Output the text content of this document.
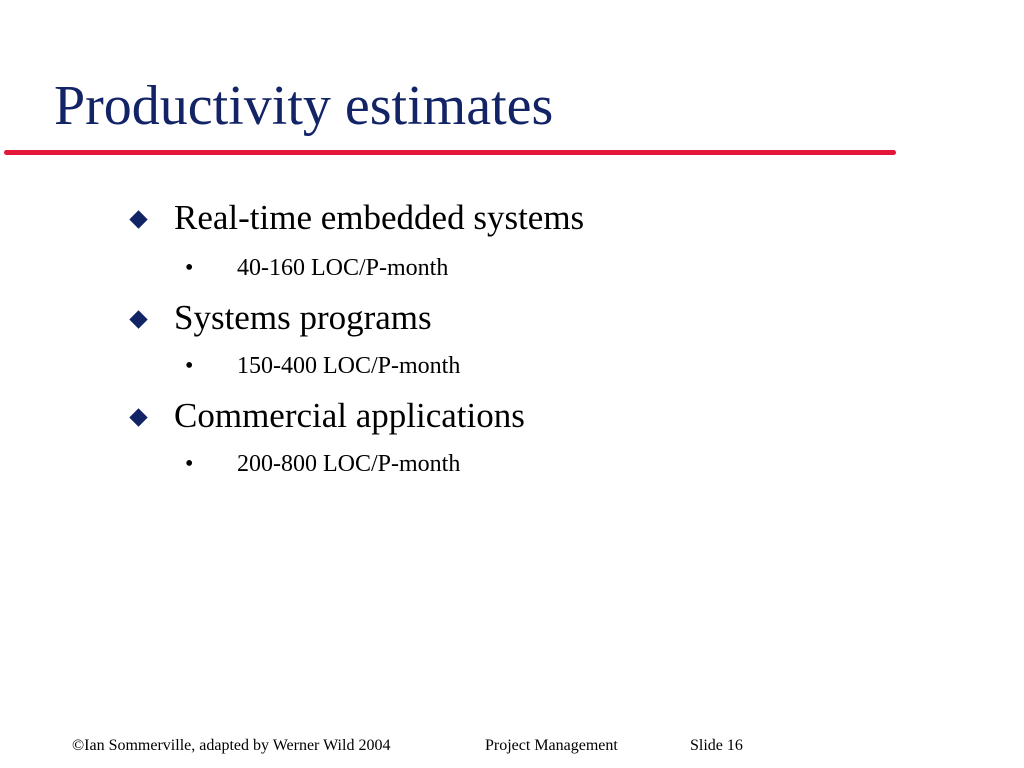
Productivity estimates
Real-time embedded systems
• 40-160 LOC/P-month
Systems programs
• 150-400 LOC/P-month
Commercial applications
• 200-800 LOC/P-month
©Ian Sommerville, adapted by Werner Wild 2004	Project Management	Slide 16
